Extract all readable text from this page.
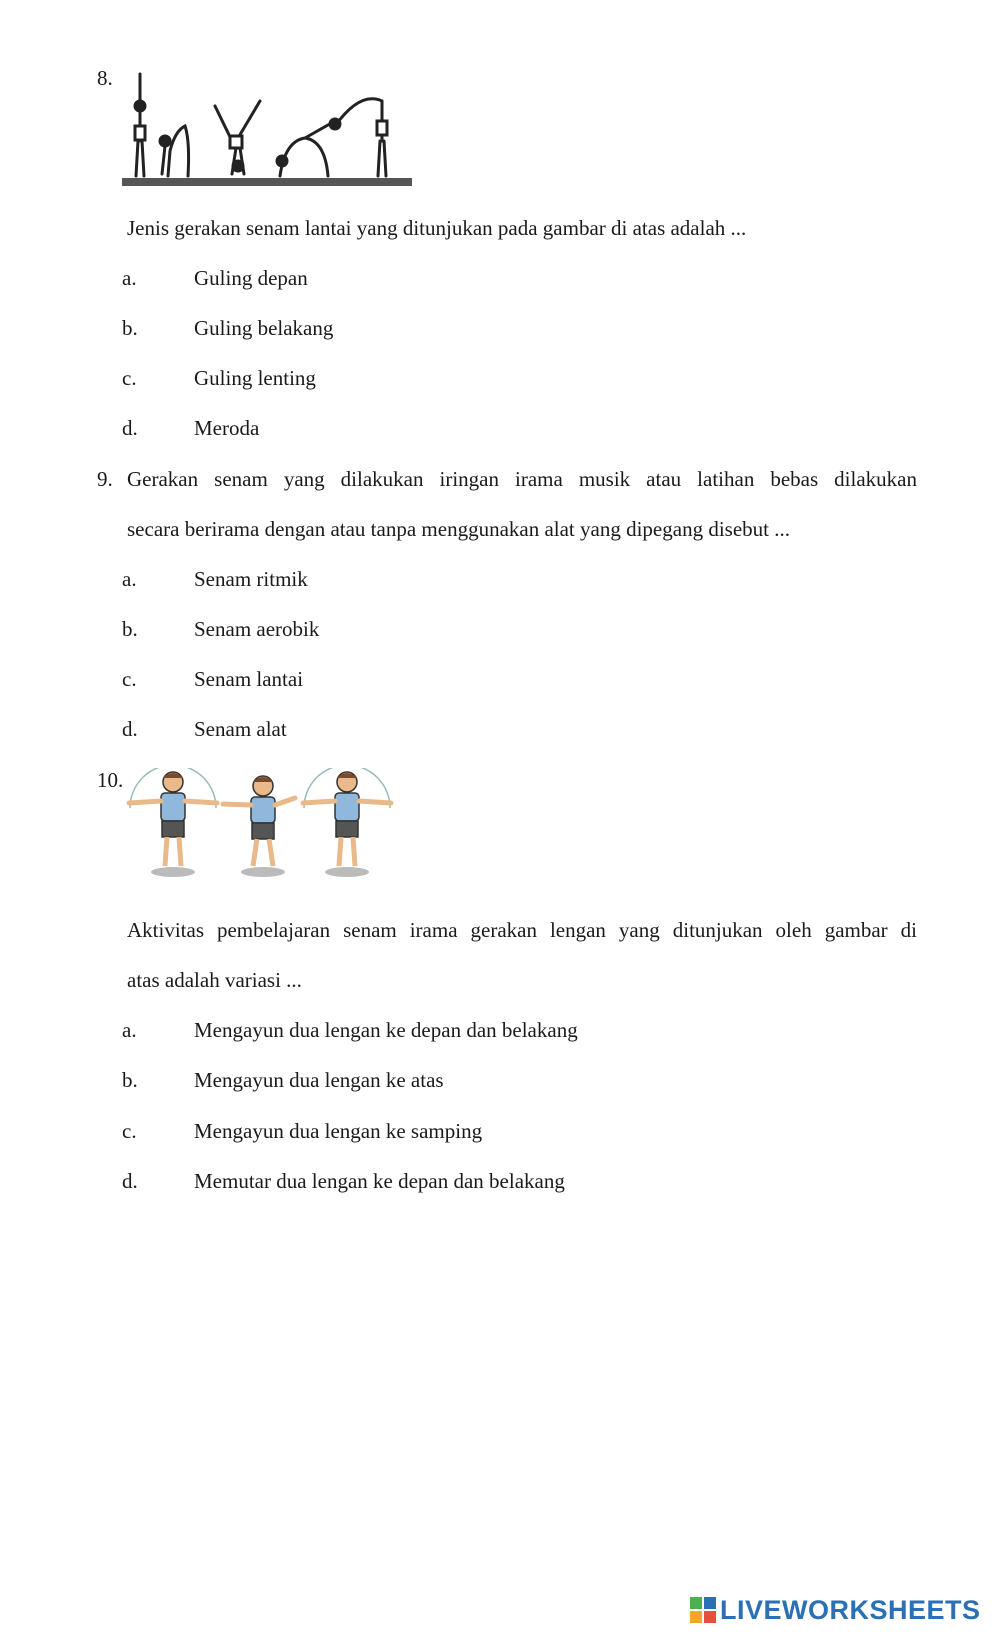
8.
Jenis gerakan senam lantai yang ditunjukan pada gambar di atas adalah ...
a.	Guling depan
b.	Guling belakang
c.	Guling lenting
d.	Meroda
9. Gerakan senam yang dilakukan iringan irama musik atau latihan bebas dilakukan
secara berirama dengan atau tanpa menggunakan alat yang dipegang disebut ...
a.	Senam ritmik
b.	Senam aerobik
c.	Senam lantai
d.	Senam alat
10.
Aktivitas pembelajaran senam irama gerakan lengan yang ditunjukan oleh gambar di
atas adalah variasi ...
a.	Mengayun dua lengan ke depan dan belakang
b.	Mengayun dua lengan ke atas
c.	Mengayun dua lengan ke samping
d.	Memutar dua lengan ke depan dan belakang
LIVEWORKSHEETS
